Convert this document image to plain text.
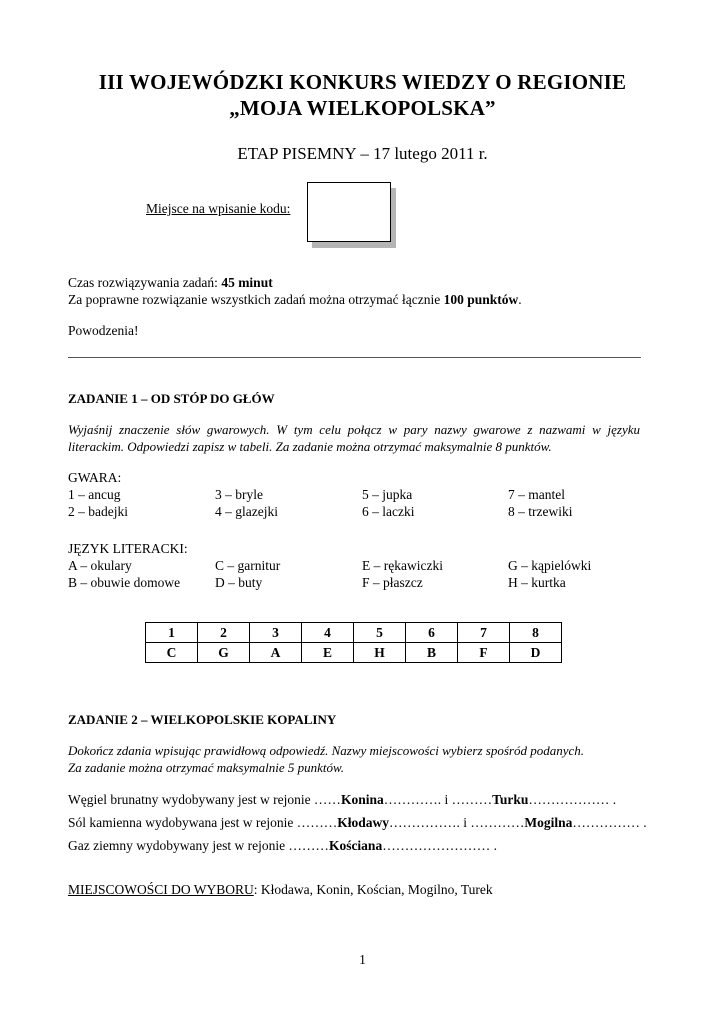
III WOJEWÓDZKI KONKURS WIEDZY O REGIONIE
„MOJA WIELKOPOLSKA”
ETAP PISEMNY – 17 lutego 2011 r.
Miejsce na wpisanie kodu:
Czas rozwiązywania zadań: 45 minut
Za poprawne rozwiązanie wszystkich zadań można otrzymać łącznie 100 punktów.
Powodzenia!
ZADANIE 1 – OD STÓP DO GŁÓW
Wyjaśnij znaczenie słów gwarowych. W tym celu połącz w pary nazwy gwarowe z nazwami w języku literackim. Odpowiedzi zapisz w tabeli. Za zadanie można otrzymać maksymalnie 8 punktów.
GWARA:
1 – ancug	3 – bryle	5 – jupka	7 – mantel
2 – badejki	4 – glazejki	6 – laczki	8 – trzewiki
JĘZYK LITERACKI:
A – okulary	C – garnitur	E – rękawiczki	G – kąpielówki
B – obuwie domowe	D – buty	F – płaszcz	H – kurtka
1	2	3	4	5	6	7	8
C	G	A	E	H	B	F	D
ZADANIE 2 – WIELKOPOLSKIE KOPALINY
Dokończ zdania wpisując prawidłową odpowiedź. Nazwy miejscowości wybierz spośród podanych.
Za zadanie można otrzymać maksymalnie 5 punktów.
Węgiel brunatny wydobywany jest w rejonie ……Konina…………. i ………Turku……………… .
Sól kamienna wydobywana jest w rejonie ………Kłodawy……………. i …………Mogilna…………… .
Gaz ziemny wydobywany jest w rejonie ………Kościana…………………… .
MIEJSCOWOŚCI DO WYBORU: Kłodawa, Konin, Kościan, Mogilno, Turek
1
